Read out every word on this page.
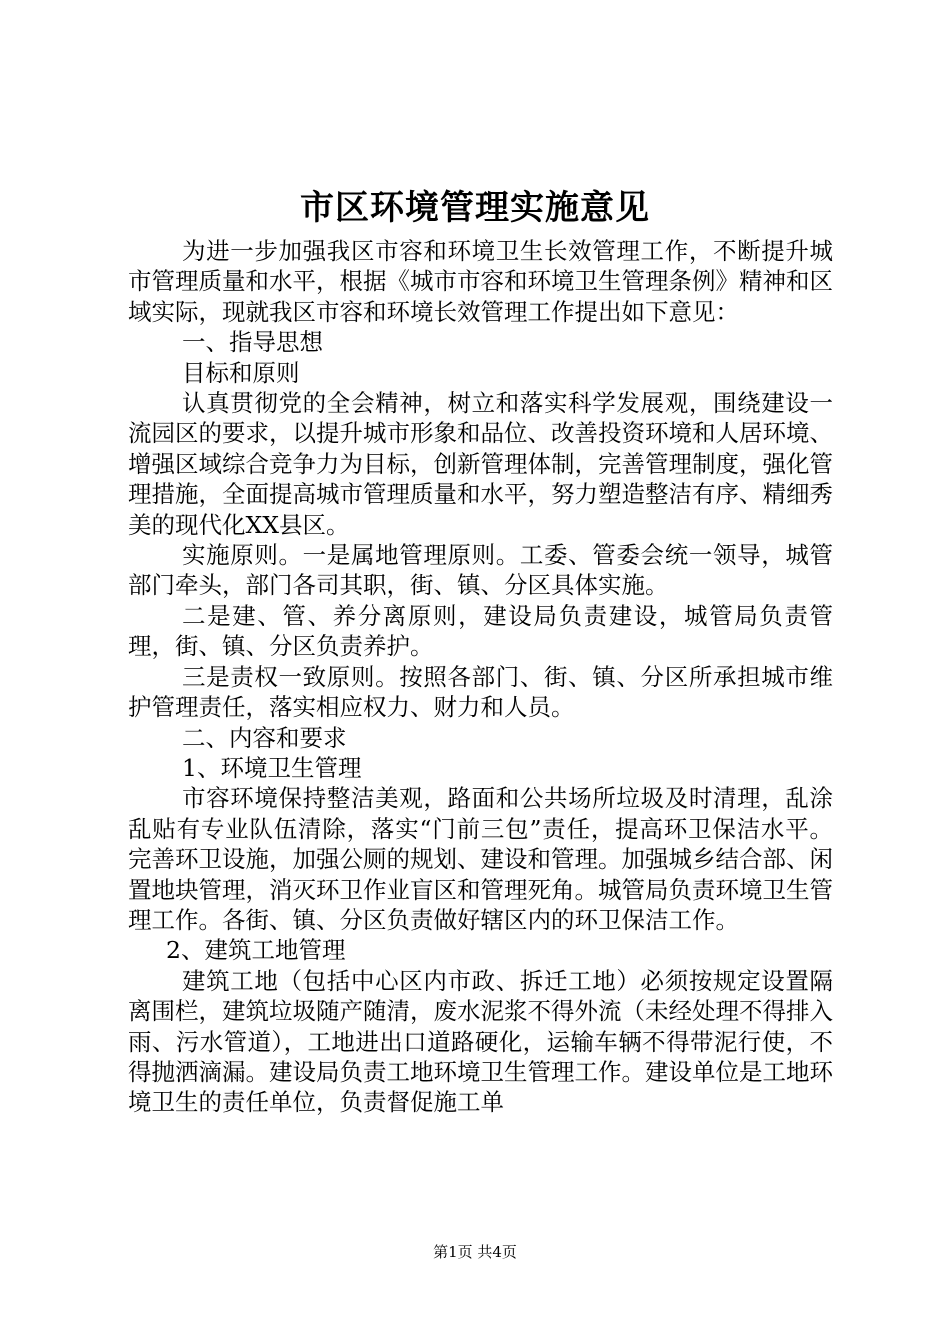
市区环境管理实施意见

为进一步加强我区市容和环境卫生长效管理工作，不断提升城市管理质量和水平，根据《城市市容和环境卫生管理条例》精神和区域实际，现就我区市容和环境长效管理工作提出如下意见：

一、指导思想

目标和原则

认真贯彻党的全会精神，树立和落实科学发展观，围绕建设一流园区的要求，以提升城市形象和品位、改善投资环境和人居环境、增强区域综合竞争力为目标，创新管理体制，完善管理制度，强化管理措施，全面提高城市管理质量和水平，努力塑造整洁有序、精细秀美的现代化XX县区。

实施原则。一是属地管理原则。工委、管委会统一领导，城管部门牵头，部门各司其职，街、镇、分区具体实施。

二是建、管、养分离原则，建设局负责建设，城管局负责管理，街、镇、分区负责养护。

三是责权一致原则。按照各部门、街、镇、分区所承担城市维护管理责任，落实相应权力、财力和人员。

二、内容和要求

1、环境卫生管理

市容环境保持整洁美观，路面和公共场所垃圾及时清理，乱涂乱贴有专业队伍清除，落实“门前三包”责任，提高环卫保洁水平。完善环卫设施，加强公厕的规划、建设和管理。加强城乡结合部、闲置地块管理，消灭环卫作业盲区和管理死角。城管局负责环境卫生管理工作。各街、镇、分区负责做好辖区内的环卫保洁工作。

2、建筑工地管理

建筑工地（包括中心区内市政、拆迁工地）必须按规定设置隔离围栏，建筑垃圾随产随清，废水泥浆不得外流（未经处理不得排入雨、污水管道），工地进出口道路硬化，运输车辆不得带泥行使，不得抛洒滴漏。建设局负责工地环境卫生管理工作。建设单位是工地环境卫生的责任单位，负责督促施工单

第1页 共4页
